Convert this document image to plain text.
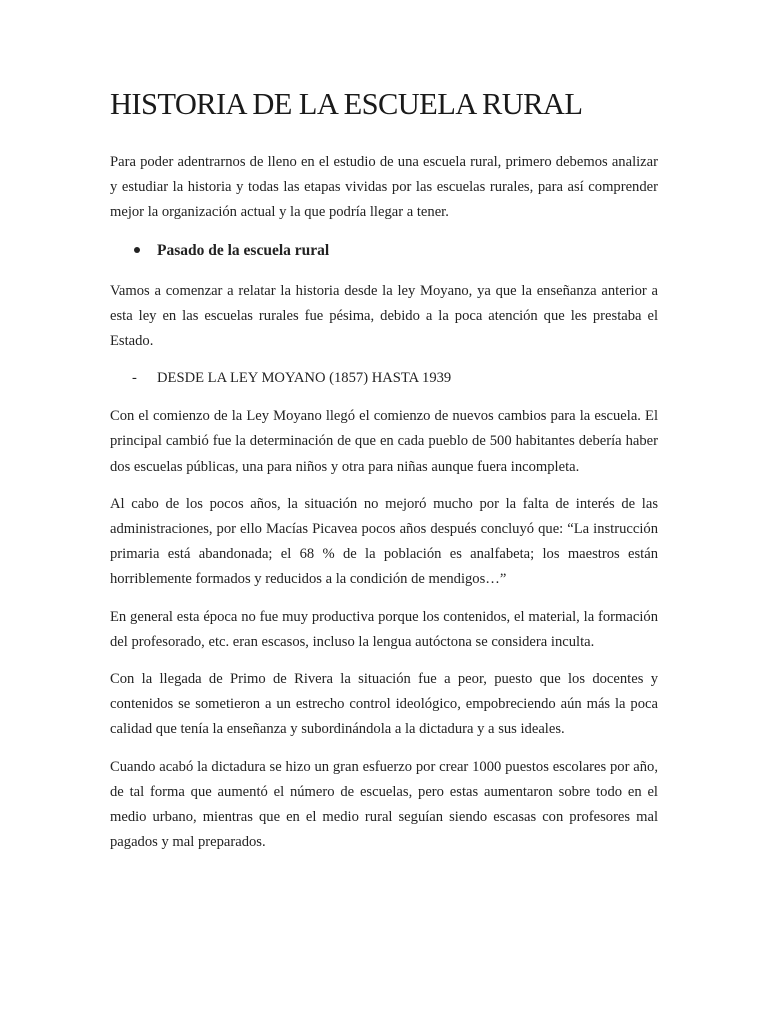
HISTORIA DE LA ESCUELA RURAL

Para poder adentrarnos de lleno en el estudio de una escuela rural, primero debemos analizar y estudiar la historia y todas las etapas vividas por las escuelas rurales, para así comprender mejor la organización actual y la que podría llegar a tener.

Pasado de la escuela rural

Vamos a comenzar a relatar la historia desde la ley Moyano, ya que la enseñanza anterior a esta ley en las escuelas rurales fue pésima, debido a la poca atención que les prestaba el Estado.

-	DESDE LA LEY MOYANO (1857) HASTA 1939

Con el comienzo de la Ley Moyano llegó el comienzo de nuevos cambios para la escuela. El principal cambió fue la determinación de que en cada pueblo de 500 habitantes debería haber dos escuelas públicas, una para niños y otra para niñas aunque fuera incompleta.

Al cabo de los pocos años, la situación no mejoró mucho por la falta de interés de las administraciones, por ello Macías Picavea pocos años después concluyó que: “La instrucción primaria está abandonada; el 68 % de la población es analfabeta; los maestros están horriblemente formados y reducidos a la condición de mendigos…”

En general esta época no fue muy productiva porque los contenidos, el material, la formación del profesorado, etc. eran escasos, incluso la lengua autóctona se considera inculta.

Con la llegada de Primo de Rivera la situación fue a peor, puesto que los docentes y contenidos se sometieron a un estrecho control ideológico, empobreciendo aún más la poca calidad que tenía la enseñanza y subordinándola a la dictadura y a sus ideales.

Cuando acabó la dictadura se hizo un gran esfuerzo por crear 1000 puestos escolares por año, de tal forma que aumentó el número de escuelas, pero estas aumentaron sobre todo en el medio urbano, mientras que en el medio rural seguían siendo escasas con profesores mal pagados y mal preparados.
